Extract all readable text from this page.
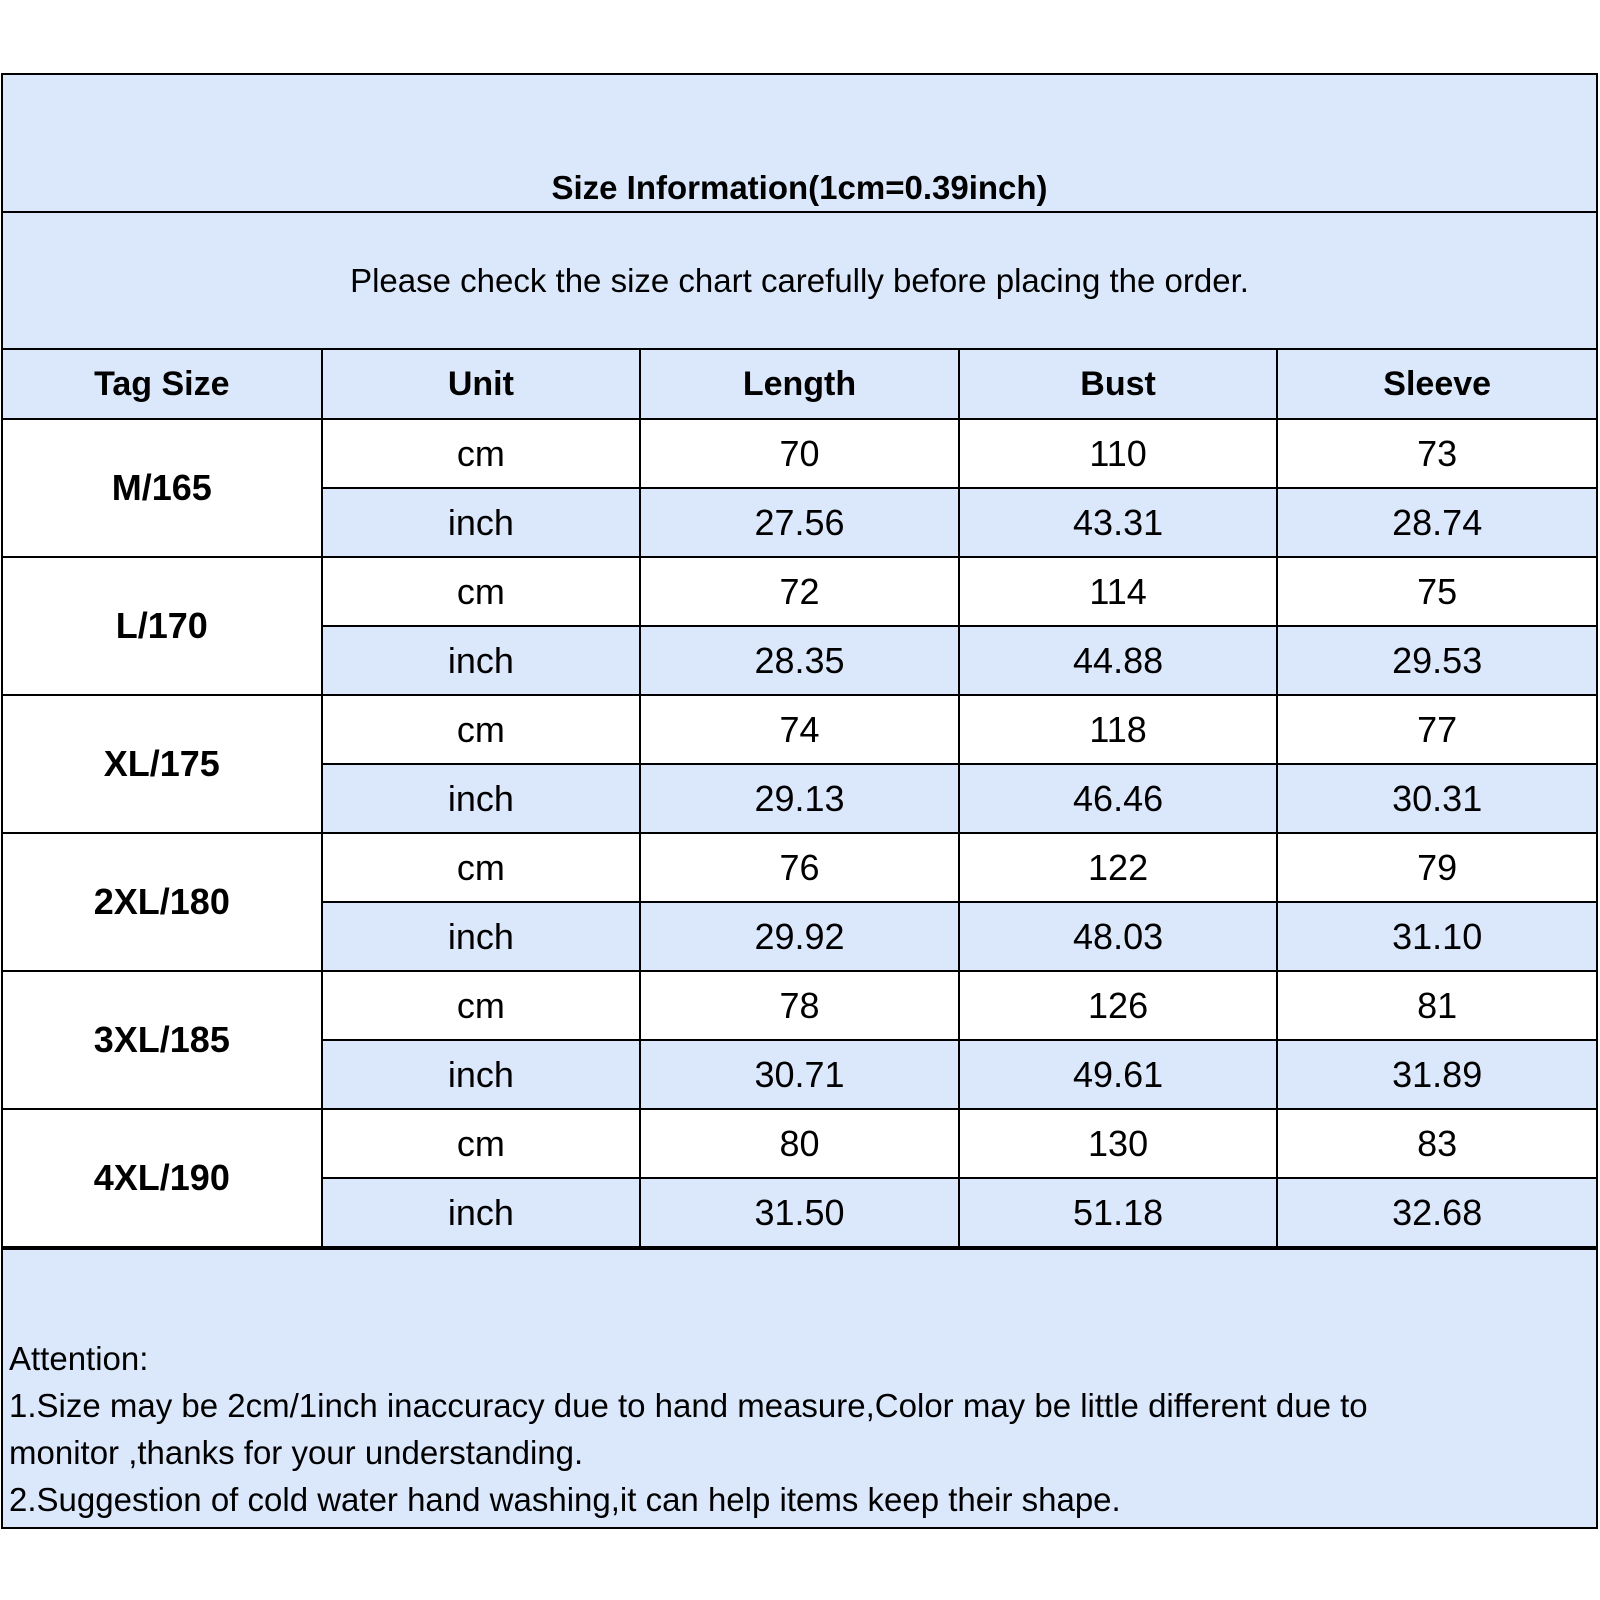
Size Information(1cm=0.39inch)
Please check the size chart carefully before placing the order.
Tag Size	Unit	Length	Bust	Sleeve
M/165	cm	70	110	73
	inch	27.56	43.31	28.74
L/170	cm	72	114	75
	inch	28.35	44.88	29.53
XL/175	cm	74	118	77
	inch	29.13	46.46	30.31
2XL/180	cm	76	122	79
	inch	29.92	48.03	31.10
3XL/185	cm	78	126	81
	inch	30.71	49.61	31.89
4XL/190	cm	80	130	83
	inch	31.50	51.18	32.68
Attention:
1.Size may be 2cm/1inch inaccuracy due to hand measure,Color may be little different due to
monitor ,thanks for your understanding.
2.Suggestion of cold water hand washing,it can help items keep their shape.
